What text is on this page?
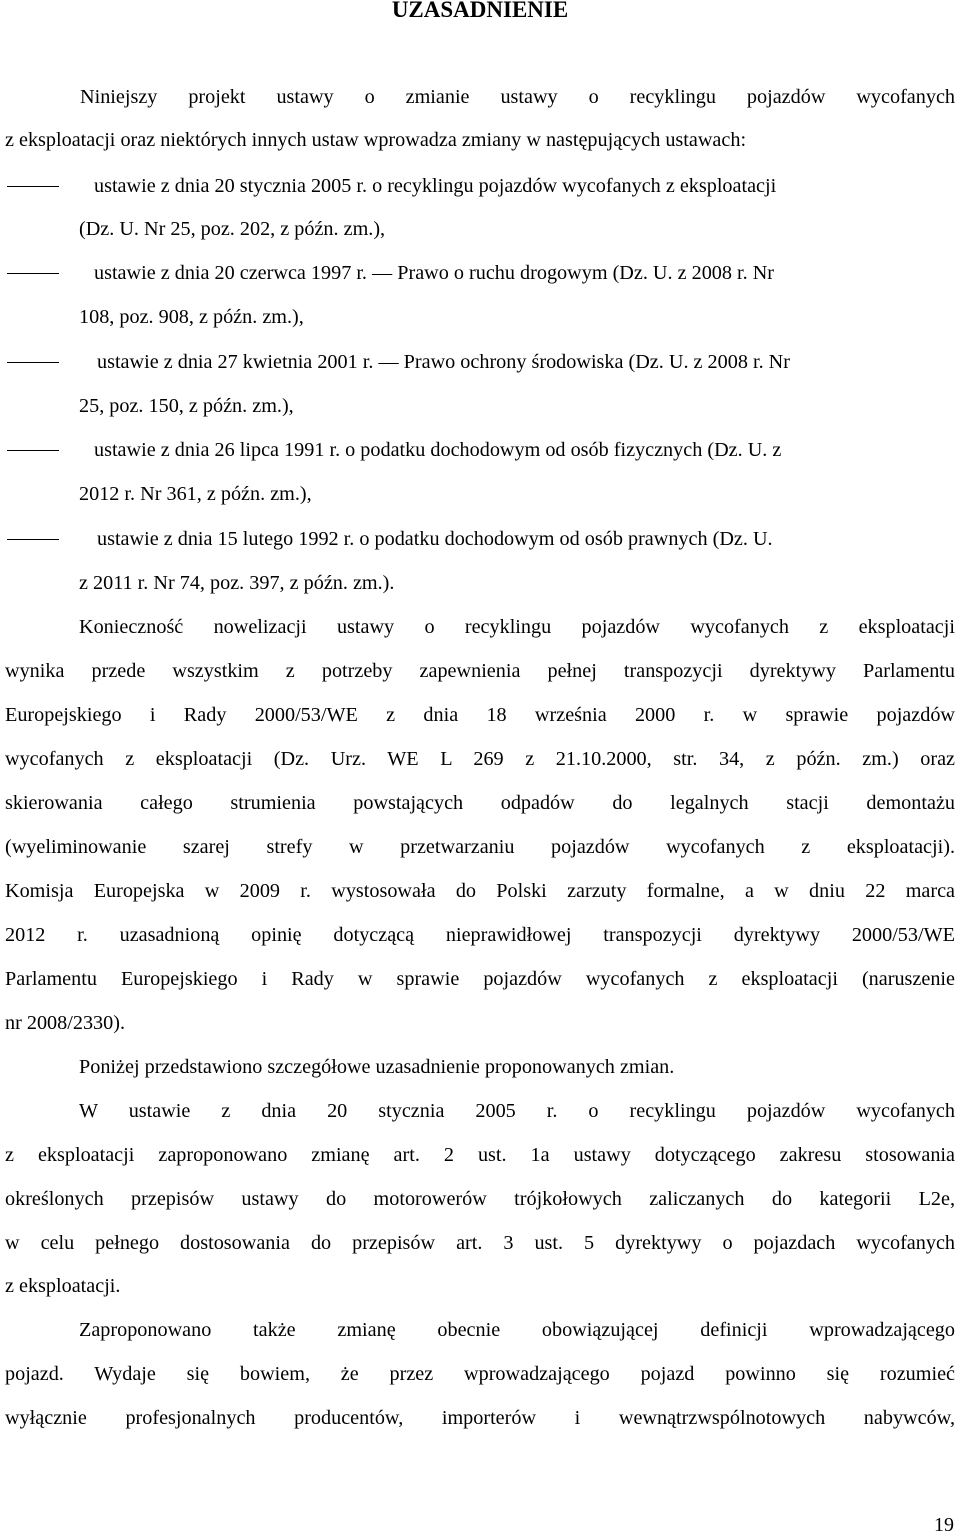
UZASADNIENIE
Niniejszy projekt ustawy o zmianie ustawy o recyklingu pojazdów wycofanych
z eksploatacji oraz niektórych innych ustaw wprowadza zmiany w następujących ustawach:
ustawie z dnia 20 stycznia 2005 r. o recyklingu pojazdów wycofanych z eksploatacji
(Dz. U. Nr 25, poz. 202, z późn. zm.),
ustawie z dnia 20 czerwca 1997 r. — Prawo o ruchu drogowym (Dz. U. z 2008 r. Nr
108, poz. 908, z późn. zm.),
ustawie z dnia 27 kwietnia 2001 r. — Prawo ochrony środowiska (Dz. U. z 2008 r. Nr
25, poz. 150, z późn. zm.),
ustawie z dnia 26 lipca 1991 r. o podatku dochodowym od osób fizycznych (Dz. U. z
2012 r. Nr 361, z późn. zm.),
ustawie z dnia 15 lutego 1992 r. o podatku dochodowym od osób prawnych (Dz. U.
z 2011 r. Nr 74, poz. 397, z późn. zm.).
Konieczność nowelizacji ustawy o recyklingu pojazdów wycofanych z eksploatacji
wynika przede wszystkim z potrzeby zapewnienia pełnej transpozycji dyrektywy Parlamentu
Europejskiego i Rady 2000/53/WE z dnia 18 września 2000 r. w sprawie pojazdów
wycofanych z eksploatacji (Dz. Urz. WE L 269 z 21.10.2000, str. 34, z późn. zm.) oraz
skierowania całego strumienia powstających odpadów do legalnych stacji demontażu
(wyeliminowanie szarej strefy w przetwarzaniu pojazdów wycofanych z eksploatacji).
Komisja Europejska w 2009 r. wystosowała do Polski zarzuty formalne, a w dniu 22 marca
2012 r. uzasadnioną opinię dotyczącą nieprawidłowej transpozycji dyrektywy 2000/53/WE
Parlamentu Europejskiego i Rady w sprawie pojazdów wycofanych z eksploatacji (naruszenie
nr 2008/2330).
Poniżej przedstawiono szczegółowe uzasadnienie proponowanych zmian.
W ustawie z dnia 20 stycznia 2005 r. o recyklingu pojazdów wycofanych
z eksploatacji zaproponowano zmianę art. 2 ust. 1a ustawy dotyczącego zakresu stosowania
określonych przepisów ustawy do motorowerów trójkołowych zaliczanych do kategorii L2e,
w celu pełnego dostosowania do przepisów art. 3 ust. 5 dyrektywy o pojazdach wycofanych
z eksploatacji.
Zaproponowano także zmianę obecnie obowiązującej definicji wprowadzającego
pojazd. Wydaje się bowiem, że przez wprowadzającego pojazd powinno się rozumieć
wyłącznie profesjonalnych producentów, importerów i wewnątrzwspólnotowych nabywców,
19
